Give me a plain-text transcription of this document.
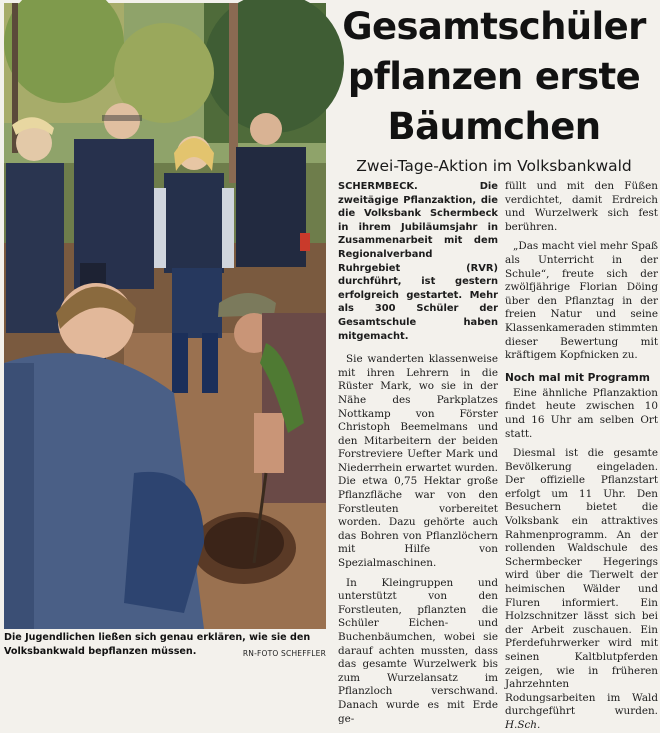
Die Jugendlichen ließen sich genau erklären, wie sie den Volksbankwald bepflanzen müssen.	RN-FOTO SCHEFFLER
Gesamtschüler
pflanzen erste
Bäumchen
Zwei-Tage-Aktion im Volksbankwald

SCHERMBECK. Die zweitägige Pflanzaktion, die die Volksbank Schermbeck in ihrem Jubiläumsjahr in Zusammenarbeit mit dem Regionalverband Ruhrgebiet (RVR) durchführt, ist gestern erfolgreich gestartet. Mehr als 300 Schüler der Gesamtschule haben mitgemacht.

Sie wanderten klassenweise mit ihren Lehrern in die Rüster Mark, wo sie in der Nähe des Parkplatzes Nottkamp von Förster Christoph Beemelmans und den Mitarbeitern der beiden Forstreviere Uefter Mark und Niederrhein erwartet wurden. Die etwa 0,75 Hektar große Pflanzfläche war von den Forstleuten vorbereitet worden. Dazu gehörte auch das Bohren von Pflanzlöchern mit Hilfe von Spezialmaschinen.

In Kleingruppen und unterstützt von den Forstleuten, pflanzten die Schüler Eichen- und Buchenbäumchen, wobei sie darauf achten mussten, dass das gesamte Wurzelwerk bis zum Wurzelansatz im Pflanzloch verschwand. Danach wurde es mit Erde ge-

füllt und mit den Füßen verdichtet, damit Erdreich und Wurzelwerk sich fest berühren.

„Das macht viel mehr Spaß als Unterricht in der Schule“, freute sich der zwölfjährige Florian Döing über den Pflanztag in der freien Natur und seine Klassenkameraden stimmten dieser Bewertung mit kräftigem Kopfnicken zu.

Noch mal mit Programm

Eine ähnliche Pflanzaktion findet heute zwischen 10 und 16 Uhr am selben Ort statt.

Diesmal ist die gesamte Bevölkerung eingeladen. Der offizielle Pflanzstart erfolgt um 11 Uhr. Den Besuchern bietet die Volksbank ein attraktives Rahmenprogramm. An der rollenden Waldschule des Schermbecker Hegerings wird über die Tierwelt der heimischen Wälder und Fluren informiert. Ein Holzschnitzer lässt sich bei der Arbeit zuschauen. Ein Pferdefuhrwerker wird mit seinen Kaltblutpferden zeigen, wie in früheren Jahrzehnten Rodungsarbeiten im Wald durchgeführt wurden. H.Sch.
